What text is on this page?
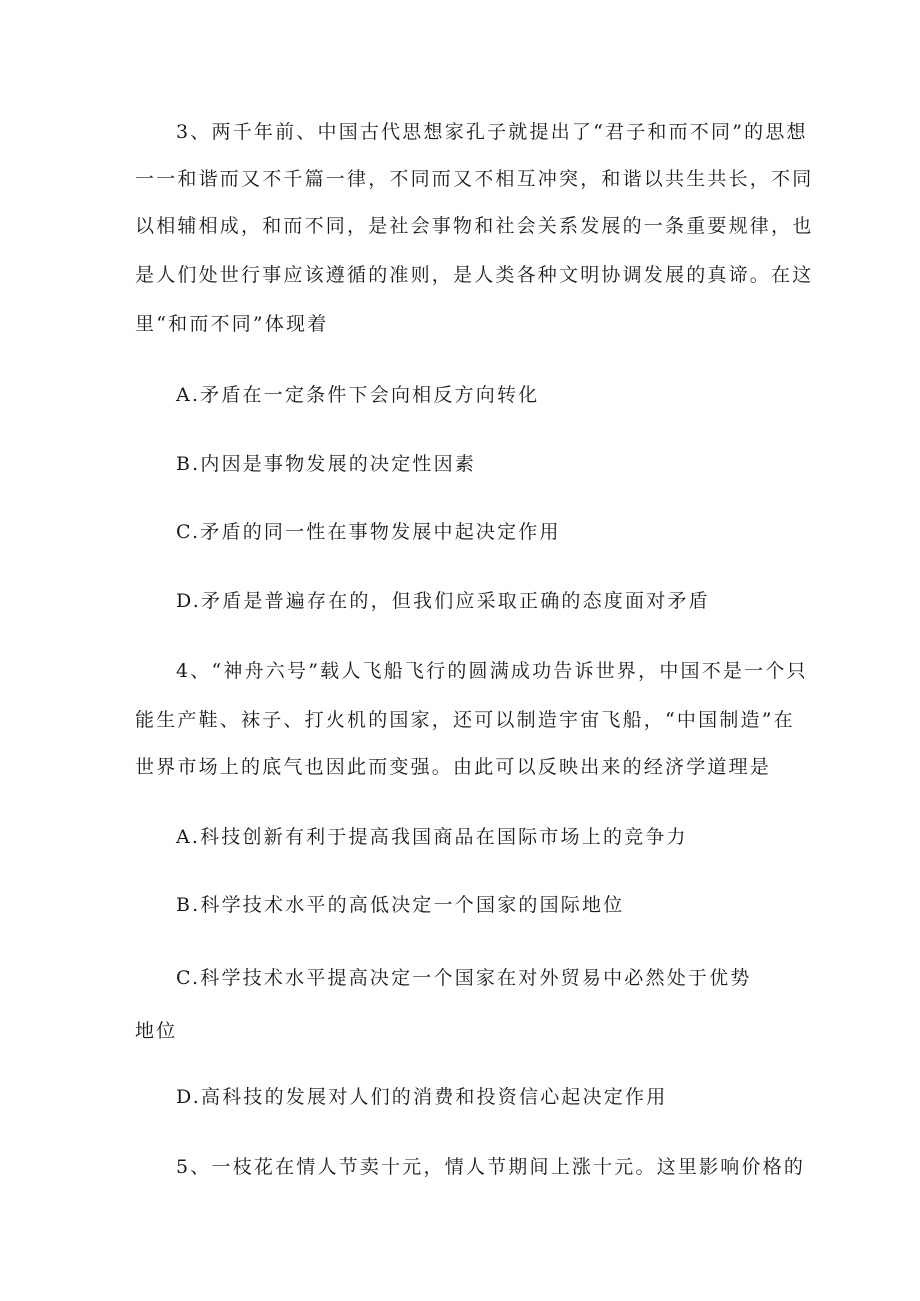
3、两千年前、中国古代思想家孔子就提出了“君子和而不同”的思想
一一和谐而又不千篇一律，不同而又不相互冲突，和谐以共生共长，不同
以相辅相成，和而不同，是社会事物和社会关系发展的一条重要规律，也
是人们处世行事应该遵循的准则，是人类各种文明协调发展的真谛。在这
里“和而不同”体现着
A.矛盾在一定条件下会向相反方向转化
B.内因是事物发展的决定性因素
C.矛盾的同一性在事物发展中起决定作用
D.矛盾是普遍存在的，但我们应采取正确的态度面对矛盾
4、“神舟六号”载人飞船飞行的圆满成功告诉世界，中国不是一个只
能生产鞋、袜子、打火机的国家，还可以制造宇宙飞船，“中国制造”在
世界市场上的底气也因此而变强。由此可以反映出来的经济学道理是
A.科技创新有利于提高我国商品在国际市场上的竞争力
B.科学技术水平的高低决定一个国家的国际地位
C.科学技术水平提高决定一个国家在对外贸易中必然处于优势
地位
D.高科技的发展对人们的消费和投资信心起决定作用
5、一枝花在情人节卖十元，情人节期间上涨十元。这里影响价格的
